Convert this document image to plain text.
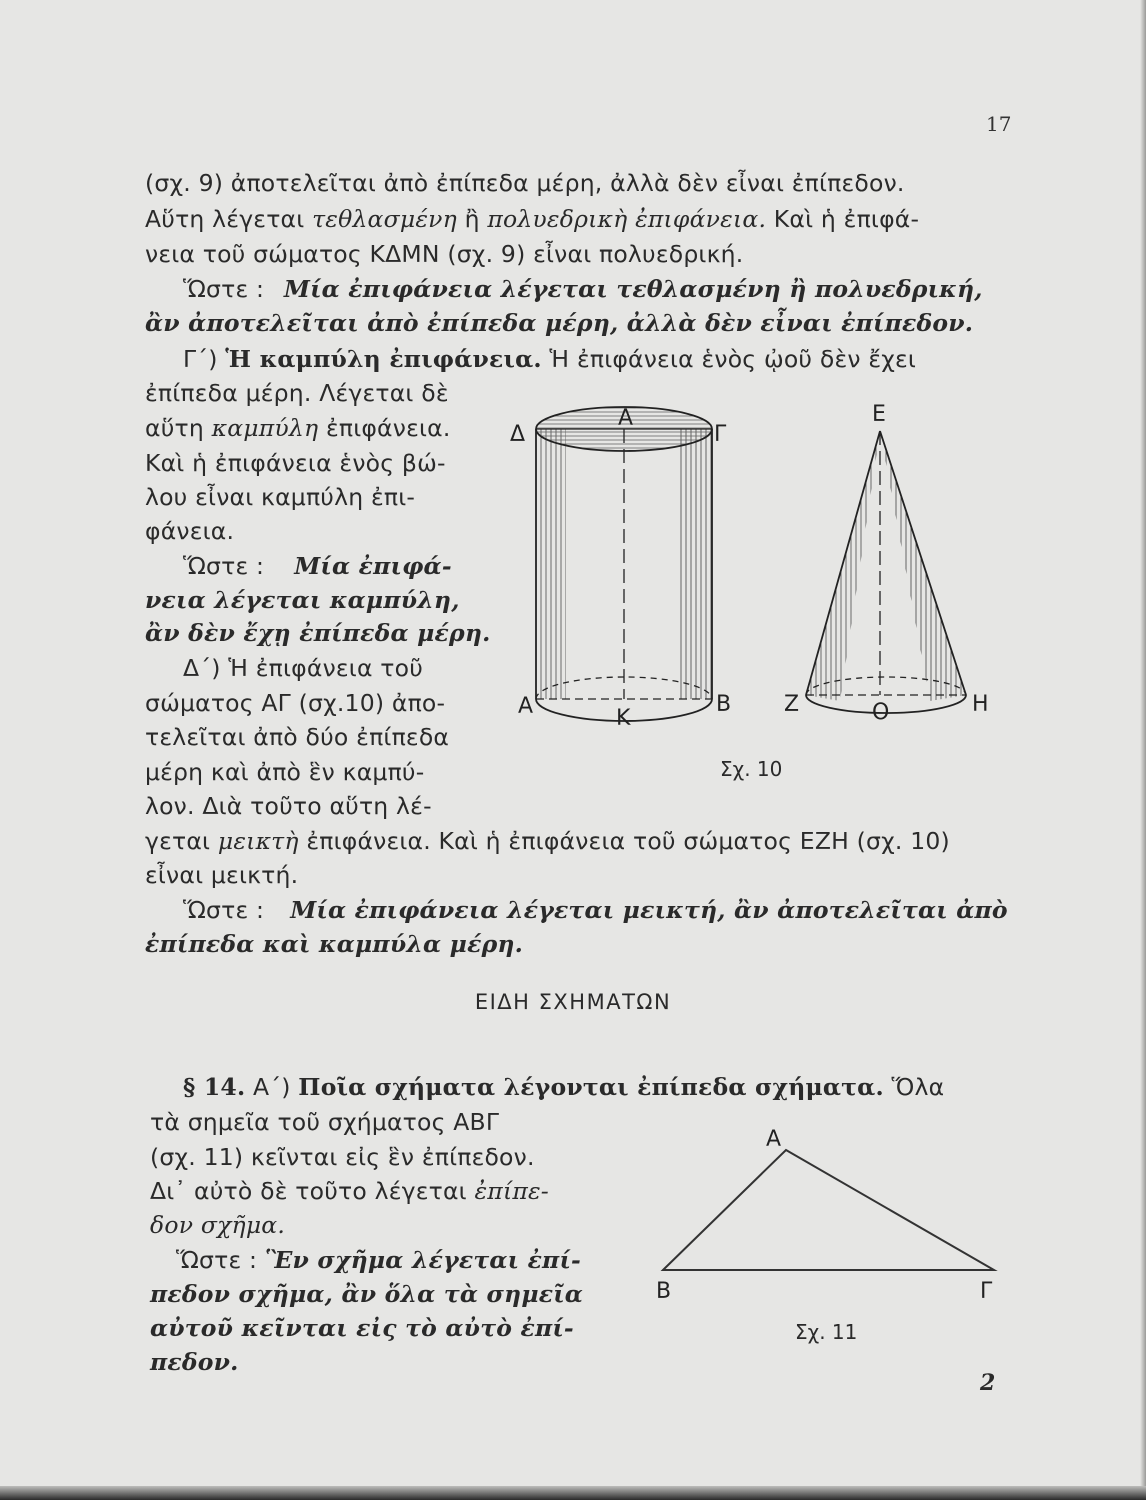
17
(σχ. 9) ἀποτελεῖται ἀπὸ ἐπίπεδα μέρη, ἀλλὰ δὲν εἶναι ἐπίπεδον.
Αὕτη λέγεται τεθλασμένη ἢ πολυεδρικὴ ἐπιφάνεια. Καὶ ἡ ἐπιφά-
νεια τοῦ σώματος ΚΔΜΝ (σχ. 9) εἶναι πολυεδρική.
Ὥστε : Μία ἐπιφάνεια λέγεται τεθλασμένη ἢ πολυεδρική,
ἂν ἀποτελεῖται ἀπὸ ἐπίπεδα μέρη, ἀλλὰ δὲν εἶναι ἐπίπεδον.
Γ΄) Ἡ καμπύλη ἐπιφάνεια. Ἡ ἐπιφάνεια ἑνὸς ᾠοῦ δὲν ἔχει
ἐπίπεδα μέρη. Λέγεται δὲ
αὕτη καμπύλη ἐπιφάνεια.
Καὶ ἡ ἐπιφάνεια ἑνὸς βώ-
λου εἶναι καμπύλη ἐπι-
φάνεια.
Ὥστε : Μία ἐπιφά-
νεια λέγεται καμπύλη,
ἂν δὲν ἔχῃ ἐπίπεδα μέρη.
Δ΄) Ἡ ἐπιφάνεια τοῦ
σώματος ΑΓ (σχ.10) ἀπο-
τελεῖται ἀπὸ δύο ἐπίπεδα
μέρη καὶ ἀπὸ ἓν καμπύ-
λον. Διὰ τοῦτο αὕτη λέ-
Α
Δ	Γ
Α	Β
Κ
Ε
Ζ	Η
Ο
Σχ. 10
γεται μεικτὴ ἐπιφάνεια. Καὶ ἡ ἐπιφάνεια τοῦ σώματος ΕΖΗ (σχ. 10)
εἶναι μεικτή.
Ὥστε : Μία ἐπιφάνεια λέγεται μεικτή, ἂν ἀποτελεῖται ἀπὸ
ἐπίπεδα καὶ καμπύλα μέρη.
ΕΙΔΗ ΣΧΗΜΑΤΩΝ
§ 14. Α΄) Ποῖα σχήματα λέγονται ἐπίπεδα σχήματα. Ὅλα
τὰ σημεῖα τοῦ σχήματος ΑΒΓ
(σχ. 11) κεῖνται εἰς ἓν ἐπίπεδον.
Δι᾽ αὐτὸ δὲ τοῦτο λέγεται ἐπίπε-
δον σχῆμα.
Ὥστε : Ἓν σχῆμα λέγεται ἐπί-
πεδον σχῆμα, ἂν ὅλα τὰ σημεῖα
αὐτοῦ κεῖνται εἰς τὸ αὐτὸ ἐπί-
πεδον.
Α
Β	Γ
Σχ. 11
2
